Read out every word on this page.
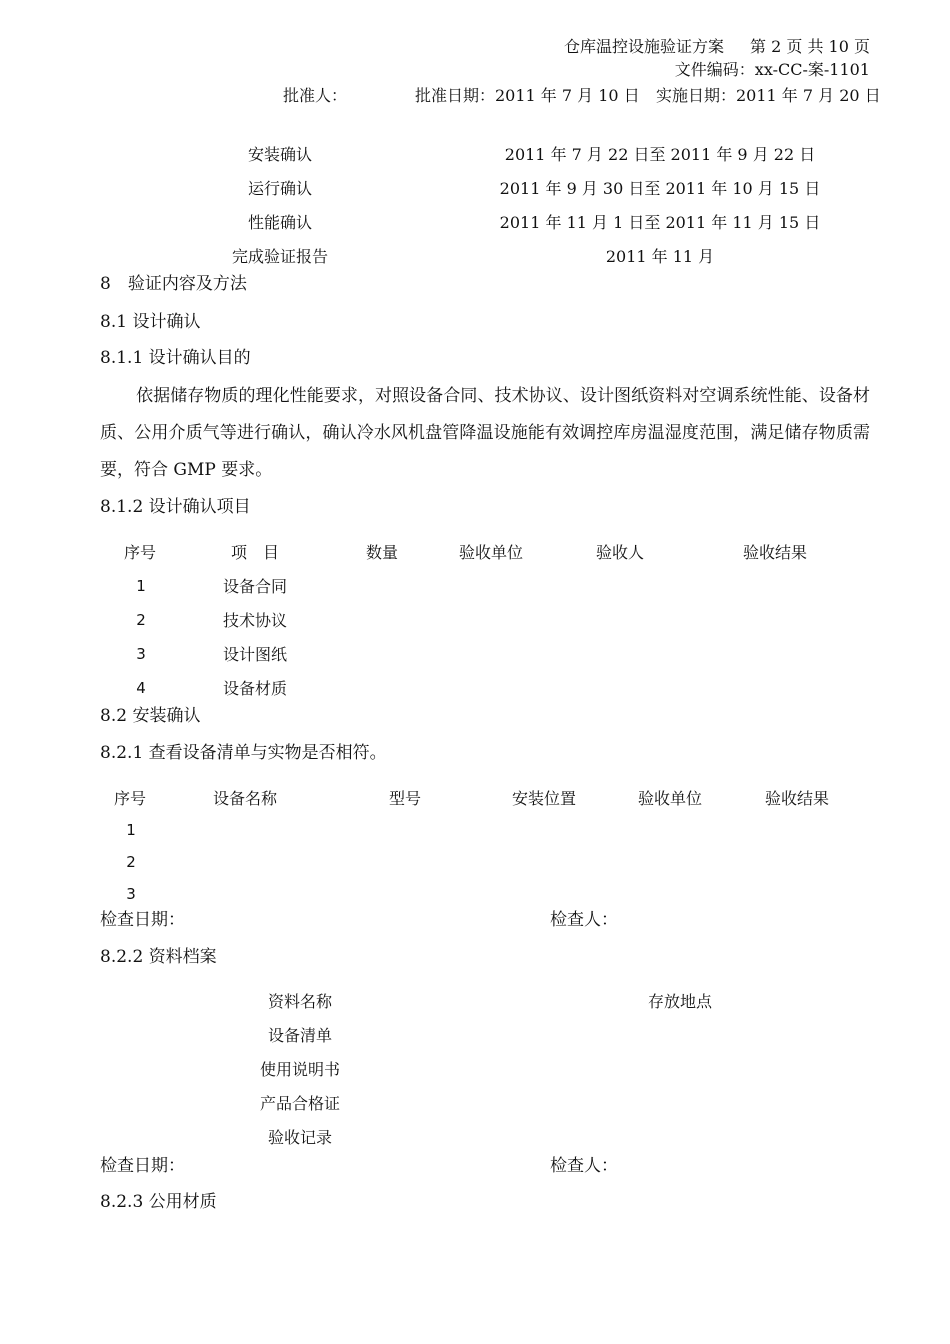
仓库温控设施验证方案 第 2 页 共 10 页
文件编码：xx-CC-案-1101
批准人：	批准日期：2011 年 7 月 10 日 实施日期：2011 年 7 月 20 日
安装确认	2011 年 7 月 22 日至 2011 年 9 月 22 日
运行确认	2011 年 9 月 30 日至 2011 年 10 月 15 日
性能确认	2011 年 11 月 1 日至 2011 年 11 月 15 日
完成验证报告	2011 年 11 月
8　验证内容及方法
8.1 设计确认
8.1.1 设计确认目的
依据储存物质的理化性能要求，对照设备合同、技术协议、设计图纸资料对空调系统性能、设备材质、公用介质气等进行确认，确认冷水风机盘管降温设施能有效调控库房温湿度范围，满足储存物质需要，符合 GMP 要求。
8.1.2 设计确认项目
序号	项　目	数量	验收单位	验收人	验收结果
1	设备合同
2	技术协议
3	设计图纸
4	设备材质
8.2 安装确认
8.2.1 查看设备清单与实物是否相符。
序号	设备名称	型号	安装位置	验收单位	验收结果
1
2
3
检查日期：	检查人：
8.2.2 资料档案
资料名称	存放地点
设备清单
使用说明书
产品合格证
验收记录
检查日期：	检查人：
8.2.3 公用材质
